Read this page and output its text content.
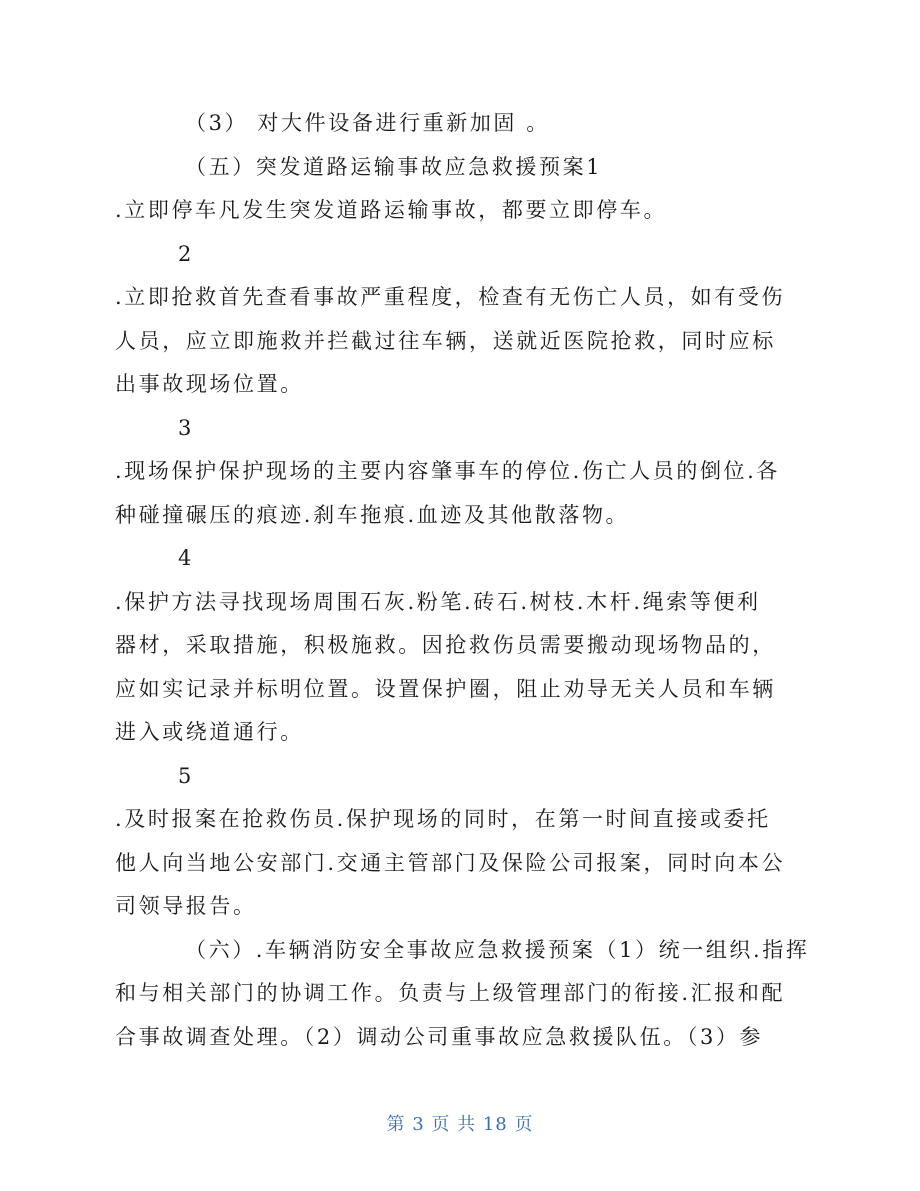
（3） 对大件设备进行重新加固 。
（五）突发道路运输事故应急救援预案1
.立即停车凡发生突发道路运输事故，都要立即停车。
2
.立即抢救首先查看事故严重程度，检查有无伤亡人员，如有受伤
人员，应立即施救并拦截过往车辆，送就近医院抢救，同时应标
出事故现场位置。
3
.现场保护保护现场的主要内容肇事车的停位.伤亡人员的倒位.各
种碰撞碾压的痕迹.刹车拖痕.血迹及其他散落物。
4
.保护方法寻找现场周围石灰.粉笔.砖石.树枝.木杆.绳索等便利
器材，采取措施，积极施救。因抢救伤员需要搬动现场物品的，
应如实记录并标明位置。设置保护圈，阻止劝导无关人员和车辆
进入或绕道通行。
5
.及时报案在抢救伤员.保护现场的同时，在第一时间直接或委托
他人向当地公安部门.交通主管部门及保险公司报案，同时向本公
司领导报告。
（六）.车辆消防安全事故应急救援预案（1）统一组织.指挥
和与相关部门的协调工作。负责与上级管理部门的衔接.汇报和配
合事故调查处理。（2）调动公司重事故应急救援队伍。（3）参
第 3 页 共 18 页
